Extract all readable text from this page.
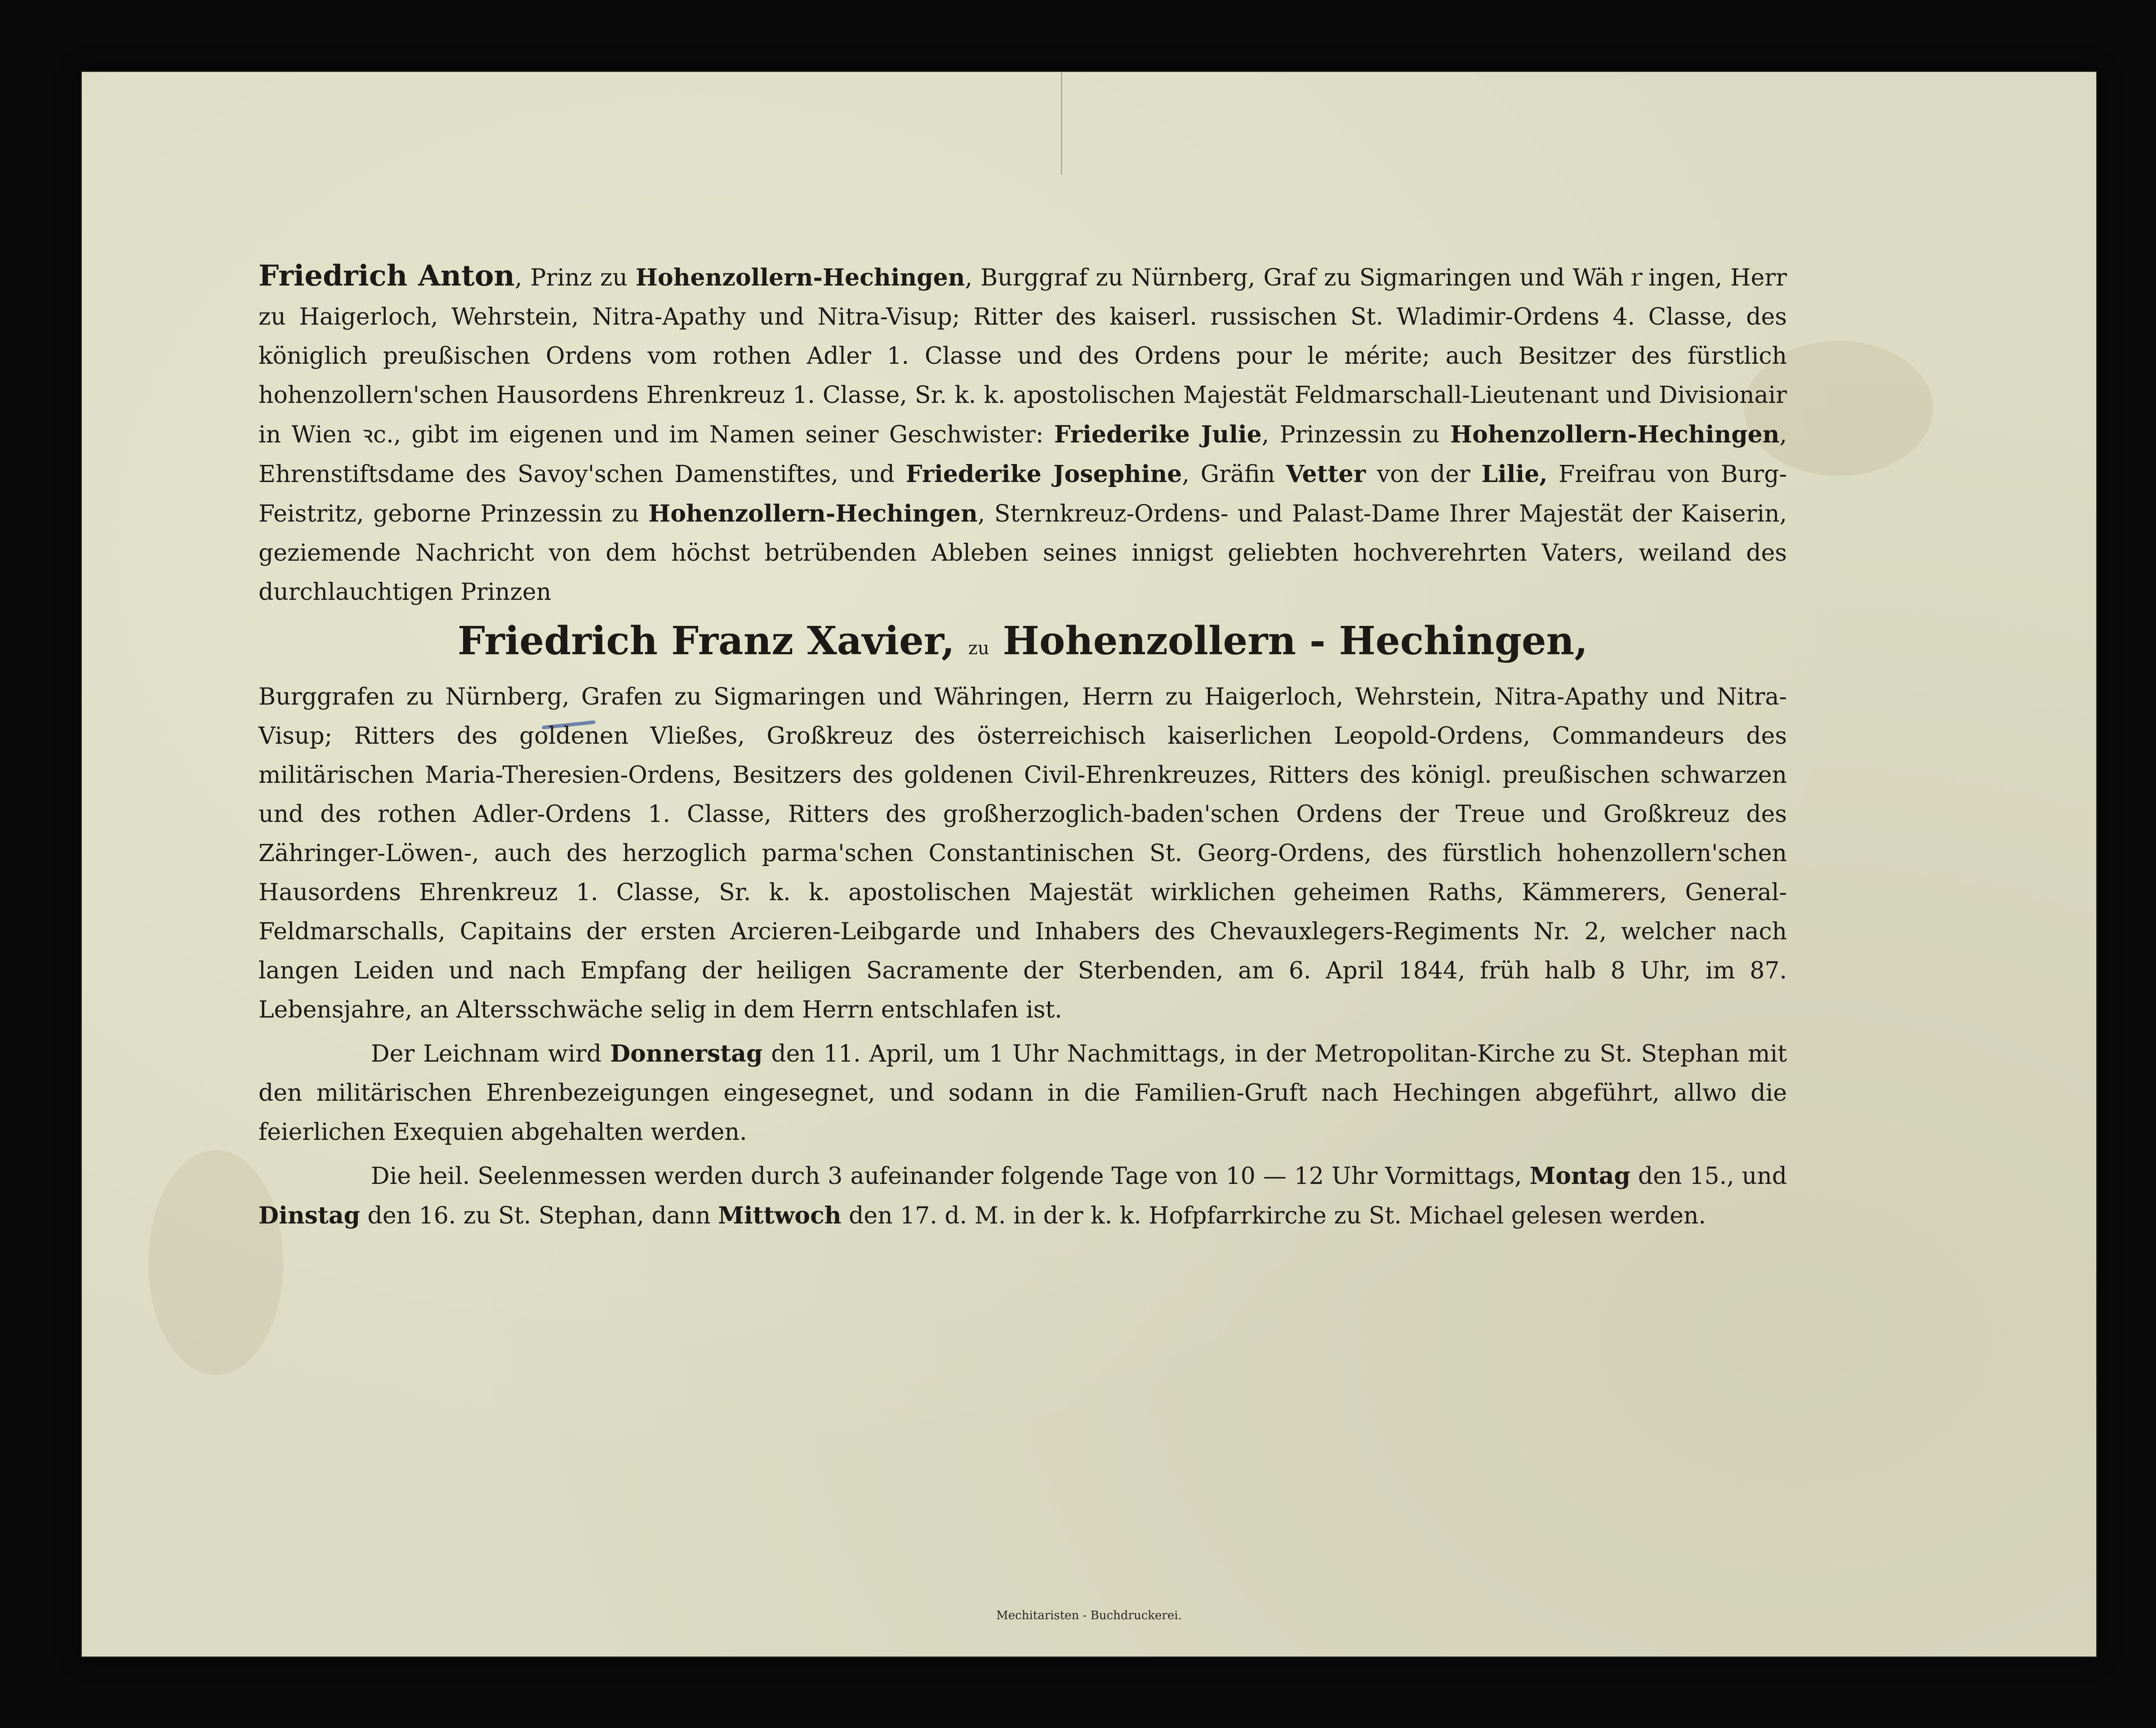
Friedrich Anton, Prinz zu Hohenzollern-Hechingen, Burggraf zu Nürnberg, Graf zu Sigmaringen und Wähｒingen, Herr zu Haigerloch, Wehrstein, Nitra-Apathy und Nitra-Visup; Ritter des kaiserl. russischen St. Wladimir-Ordens 4. Classe, des königlich preußischen Ordens vom rothen Adler 1. Classe und des Ordens pour le mérite; auch Besitzer des fürstlich hohenzollern'schen Hausordens Ehrenkreuz 1. Classe, Sr. k. k. apostolischen Majestät Feldmarschall-Lieutenant und Divisionair in Wien ꝛc., gibt im eigenen und im Namen seiner Geschwister: Friederike Julie, Prinzessin zu Hohenzollern-Hechingen, Ehrenstiftsdame des Savoy'schen Damenstiftes, und Friederike Josephine, Gräfin Vetter von der Lilie, Freifrau von Burg-Feistritz, geborne Prinzessin zu Hohenzollern-Hechingen, Sternkreuz-Ordens- und Palast-Dame Ihrer Majestät der Kaiserin, geziemende Nachricht von dem höchst betrübenden Ableben seines innigst geliebten hochverehrten Vaters, weiland des durchlauchtigen Prinzen

Friedrich Franz Xavier, zu Hohenzollern - Hechingen,

Burggrafen zu Nürnberg, Grafen zu Sigmaringen und Währingen, Herrn zu Haigerloch, Wehrstein, Nitra-Apathy und Nitra-Visup; Ritters des goldenen Vließes, Großkreuz des österreichisch kaiserlichen Leopold-Ordens, Commandeurs des militärischen Maria-Theresien-Ordens, Besitzers des goldenen Civil-Ehrenkreuzes, Ritters des königl. preußischen schwarzen und des rothen Adler-Ordens 1. Classe, Ritters des großherzoglich-baden'schen Ordens der Treue und Großkreuz des Zähringer-Löwen-, auch des herzoglich parma'schen Constantinischen St. Georg-Ordens, des fürstlich hohenzollern'schen Hausordens Ehrenkreuz 1. Classe, Sr. k. k. apostolischen Majestät wirklichen geheimen Raths, Kämmerers, General-Feldmarschalls, Capitains der ersten Arcieren-Leibgarde und Inhabers des Chevauxlegers-Regiments Nr. 2, welcher nach langen Leiden und nach Empfang der heiligen Sacramente der Sterbenden, am 6. April 1844, früh halb 8 Uhr, im 87. Lebensjahre, an Altersschwäche selig in dem Herrn entschlafen ist.

Der Leichnam wird Donnerstag den 11. April, um 1 Uhr Nachmittags, in der Metropolitan-Kirche zu St. Stephan mit den militärischen Ehrenbezeigungen eingesegnet, und sodann in die Familien-Gruft nach Hechingen abgeführt, allwo die feierlichen Exequien abgehalten werden.

Die heil. Seelenmessen werden durch 3 aufeinander folgende Tage von 10 — 12 Uhr Vormittags, Montag den 15., und Dinstag den 16. zu St. Stephan, dann Mittwoch den 17. d. M. in der k. k. Hofpfarrkirche zu St. Michael gelesen werden.

Mechitaristen - Buchdruckerei.
